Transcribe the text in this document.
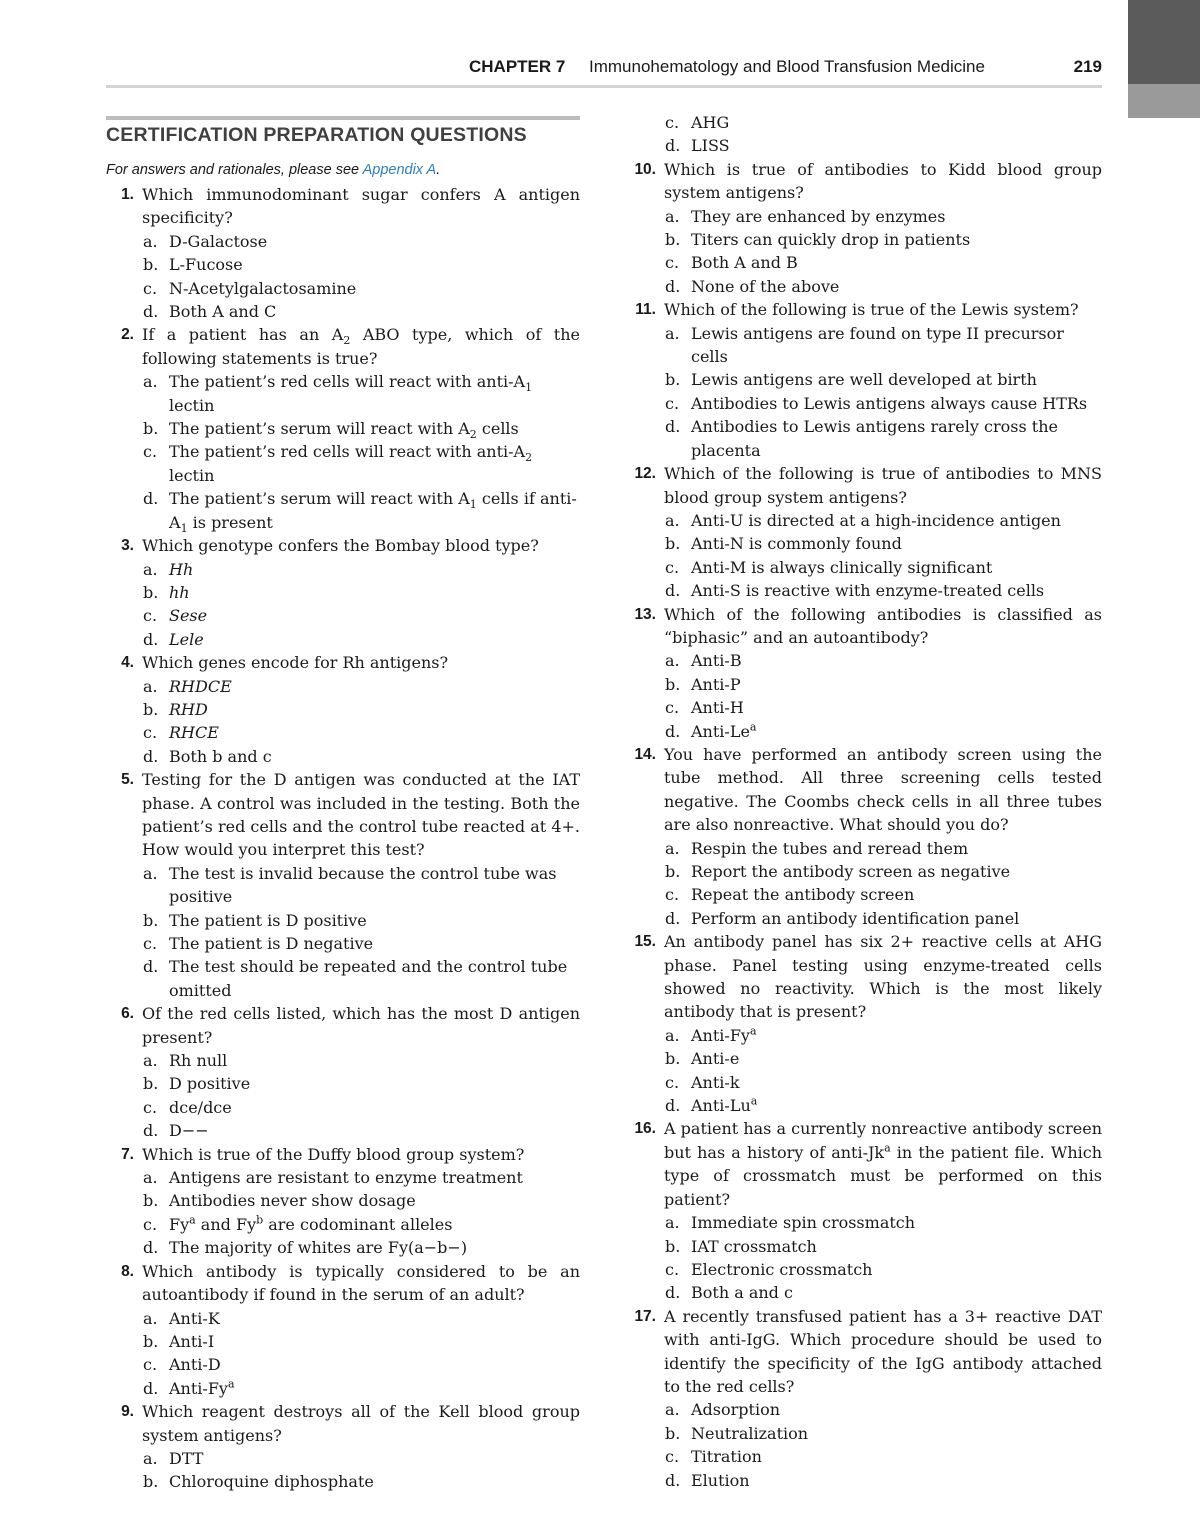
CHAPTER 7 Immunohematology and Blood Transfusion Medicine	219
CERTIFICATION PREPARATION QUESTIONS
For answers and rationales, please see Appendix A.
1. Which immunodominant sugar confers A antigen specificity?
a. D-Galactose
b. L-Fucose
c. N-Acetylgalactosamine
d. Both A and C
2. If a patient has an $A_2$ ABO type, which of the following statements is true?
a. The patient’s red cells will react with anti-$A_1$ lectin
b. The patient’s serum will react with $A_2$ cells
c. The patient’s red cells will react with anti-$A_2$ lectin
d. The patient’s serum will react with $A_1$ cells if anti-$A_1$ is present
3. Which genotype confers the Bombay blood type?
a. Hh
b. hh
c. Sese
d. Lele
4. Which genes encode for Rh antigens?
a. RHDCE
b. RHD
c. RHCE
d. Both b and c
5. Testing for the D antigen was conducted at the IAT phase. A control was included in the testing. Both the patient’s red cells and the control tube reacted at 4+. How would you interpret this test?
a. The test is invalid because the control tube was positive
b. The patient is D positive
c. The patient is D negative
d. The test should be repeated and the control tube omitted
6. Of the red cells listed, which has the most D antigen present?
a. Rh null
b. D positive
c. dce/dce
d. D−−
7. Which is true of the Duffy blood group system?
a. Antigens are resistant to enzyme treatment
b. Antibodies never show dosage
c. Fy$^a$ and Fy$^b$ are codominant alleles
d. The majority of whites are Fy(a−b−)
8. Which antibody is typically considered to be an autoantibody if found in the serum of an adult?
a. Anti-K
b. Anti-I
c. Anti-D
d. Anti-Fy$^a$
9. Which reagent destroys all of the Kell blood group system antigens?
a. DTT
b. Chloroquine diphosphate
c. AHG
d. LISS
10. Which is true of antibodies to Kidd blood group system antigens?
a. They are enhanced by enzymes
b. Titers can quickly drop in patients
c. Both A and B
d. None of the above
11. Which of the following is true of the Lewis system?
a. Lewis antigens are found on type II precursor cells
b. Lewis antigens are well developed at birth
c. Antibodies to Lewis antigens always cause HTRs
d. Antibodies to Lewis antigens rarely cross the placenta
12. Which of the following is true of antibodies to MNS blood group system antigens?
a. Anti-U is directed at a high-incidence antigen
b. Anti-N is commonly found
c. Anti-M is always clinically significant
d. Anti-S is reactive with enzyme-treated cells
13. Which of the following antibodies is classified as “biphasic” and an autoantibody?
a. Anti-B
b. Anti-P
c. Anti-H
d. Anti-Le$^a$
14. You have performed an antibody screen using the tube method. All three screening cells tested negative. The Coombs check cells in all three tubes are also nonreactive. What should you do?
a. Respin the tubes and reread them
b. Report the antibody screen as negative
c. Repeat the antibody screen
d. Perform an antibody identification panel
15. An antibody panel has six 2+ reactive cells at AHG phase. Panel testing using enzyme-treated cells showed no reactivity. Which is the most likely antibody that is present?
a. Anti-Fy$^a$
b. Anti-e
c. Anti-k
d. Anti-Lu$^a$
16. A patient has a currently nonreactive antibody screen but has a history of anti-Jk$^a$ in the patient file. Which type of crossmatch must be performed on this patient?
a. Immediate spin crossmatch
b. IAT crossmatch
c. Electronic crossmatch
d. Both a and c
17. A recently transfused patient has a 3+ reactive DAT with anti-IgG. Which procedure should be used to identify the specificity of the IgG antibody attached to the red cells?
a. Adsorption
b. Neutralization
c. Titration
d. Elution
